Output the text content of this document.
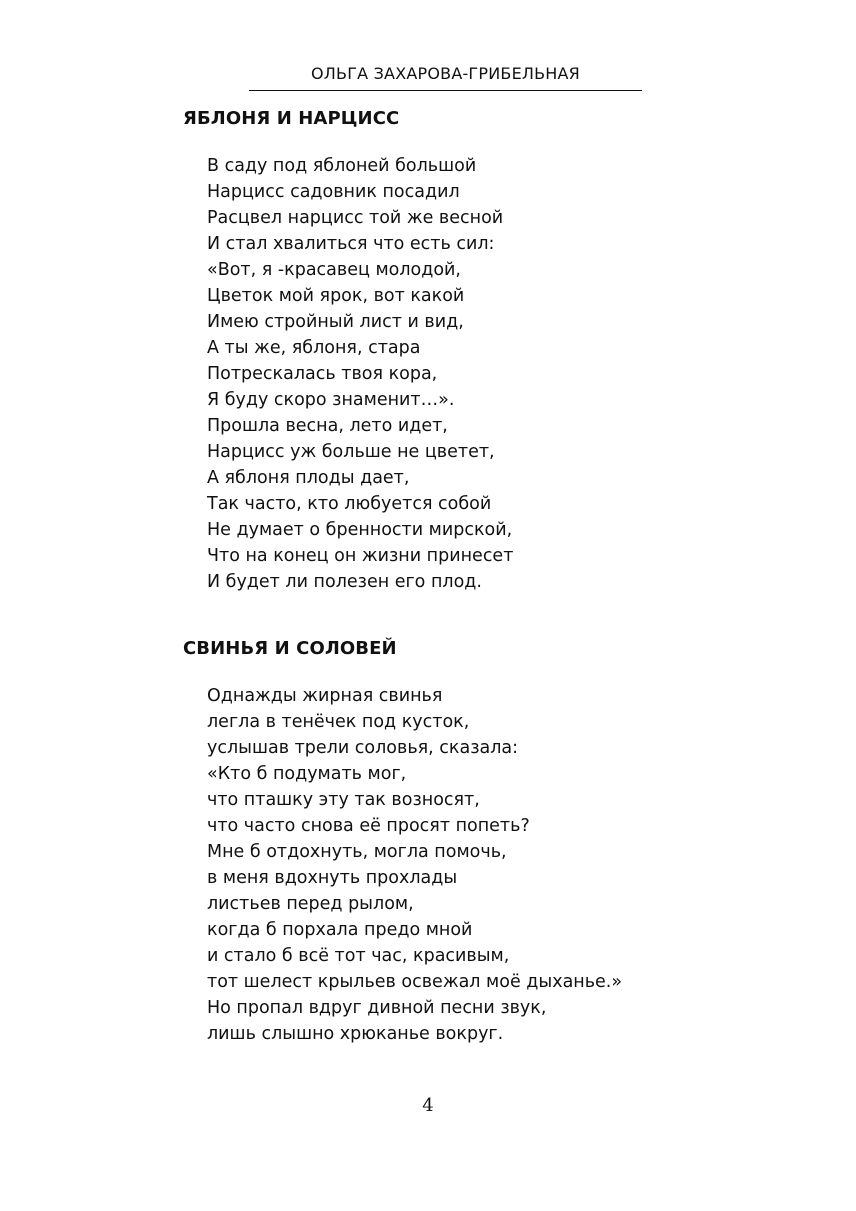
ОЛЬГА ЗАХАРОВА-ГРИБЕЛЬНАЯ
ЯБЛОНЯ И НАРЦИСС
В саду под яблоней большой
Нарцисс садовник посадил
Расцвел нарцисс той же весной
И стал хвалиться что есть сил:
«Вот, я -красавец молодой,
Цветок мой ярок, вот какой
Имею стройный лист и вид,
А ты же, яблоня, стара
Потрескалась твоя кора,
Я буду скоро знаменит…».
Прошла весна, лето идет,
Нарцисс уж больше не цветет,
А яблоня плоды дает,
Так часто, кто любуется собой
Не думает о бренности мирской,
Что на конец он жизни принесет
И будет ли полезен его плод.
СВИНЬЯ И СОЛОВЕЙ
Однажды жирная свинья
легла в тенёчек под кусток,
услышав трели соловья, сказала:
«Кто б подумать мог,
что пташку эту так возносят,
что часто снова её просят попеть?
Мне б отдохнуть, могла помочь,
в меня вдохнуть прохлады
листьев перед рылом,
когда б порхала предо мной
и стало б всё тот час, красивым,
тот шелест крыльев освежал моё дыханье.»
Но пропал вдруг дивной песни звук,
лишь слышно хрюканье вокруг.
4
